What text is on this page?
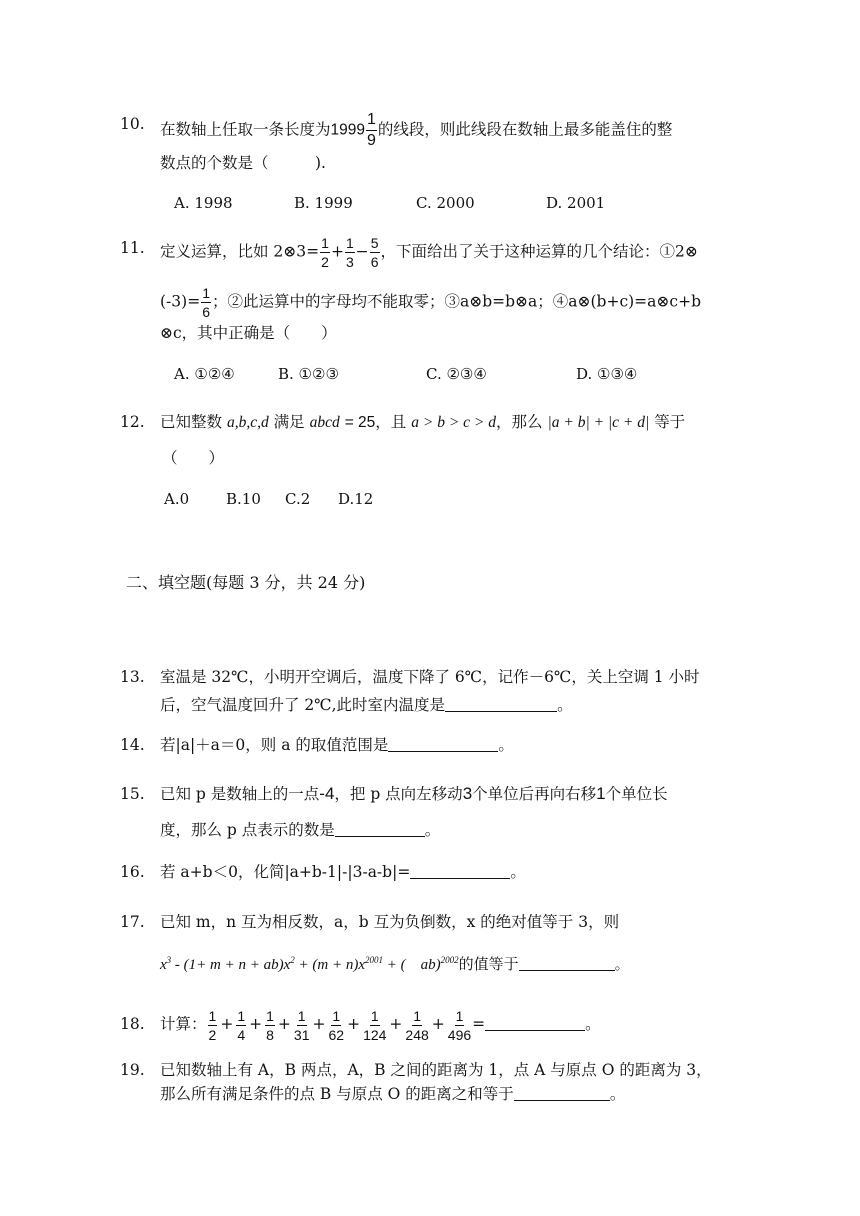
10. 在数轴上任取一条长度为$1999 \frac{1}{9}$ 的线段，则此线段在数轴上最多能盖住的整
数点的个数是（　　　).
A. 1998	B. 1999	C. 2000	D. 2001
11. 定义运算，比如 2⊗3= $\frac{1}{2} + \frac{1}{3} - \frac{5}{6}$ ，下面给出了关于这种运算的几个结论：①2⊗
$(-3)= \frac{1}{6}$ ；②此运算中的字母均不能取零；③a⊗b=b⊗a；④a⊗(b+c)=a⊗c+b
⊗c，其中正确是（　　）
A. ①②④	B. ①②③	C. ②③④	D. ①③④
12. 已知整数 a,b,c,d 满足 abcd = 25，且 a > b > c > d，那么 |a + b| + |c + d| 等于
（　　）
A.0 B.10 C.2 D.12
二、填空题(每题 3 分，共 24 分)
13. 室温是 32℃，小明开空调后，温度下降了 6℃，记作－6℃，关上空调 1 小时
后，空气温度回升了 2℃,此时室内温度是	。
14. 若|a|＋a＝0，则 a 的取值范围是	。
15. 已知 p 是数轴上的一点-4，把 p 点向左移动3个单位后再向右移1个单位长
度，那么 p 点表示的数是	。
16. 若 a+b＜0，化简|a+b-1|-|3-a-b|=	。
17. 已知 m，n 互为相反数，a，b 互为负倒数，x 的绝对值等于 3，则
$x^3 - (1+ m + n + ab)x^2 + (m + n)x^{2001}$ + (　ab)$^{2002}$的值等于	。
18. 计算： $\frac{1}{2} + \frac{1}{4} + \frac{1}{8} + \frac{1}{31} + \frac{1}{62} + \frac{1}{124} + \frac{1}{248} + \frac{1}{496}$ =	。
19. 已知数轴上有 A，B 两点，A，B 之间的距离为 1，点 A 与原点 O 的距离为 3，
那么所有满足条件的点 B 与原点 O 的距离之和等于	。
